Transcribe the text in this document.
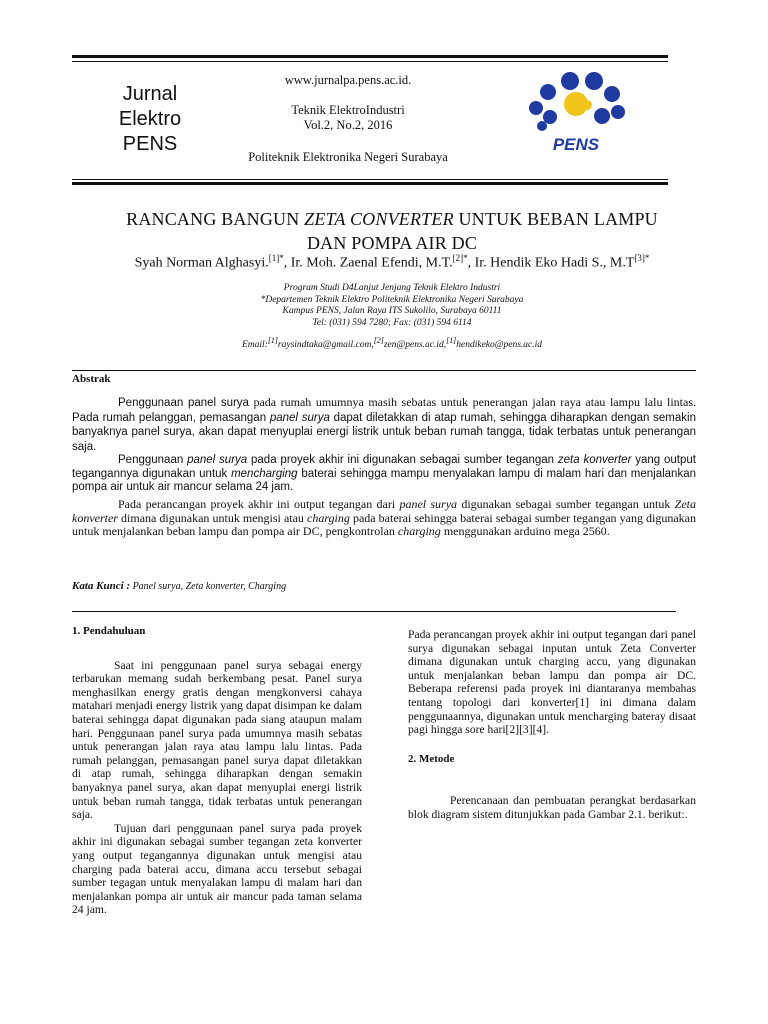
Jurnal
Elektro
PENS
www.jurnalpa.pens.ac.id.
Teknik ElektroIndustri
Vol.2, No.2, 2016
Politeknik Elektronika Negeri Surabaya
PENS
RANCANG BANGUN ZETA CONVERTER UNTUK BEBAN LAMPU
DAN POMPA AIR DC
Syah Norman Alghasyi.$^{[1]*}$, Ir. Moh. Zaenal Efendi, M.T.$^{[2]*}$, Ir. Hendik Eko Hadi S., $M.T^{[3]*}$
Program Studi D4Lanjut Jenjang Teknik Elektro Industri
*Departemen Teknik Elektro Politeknik Elektronika Negeri Surabaya
Kampus PENS, Jalan Raya ITS Sukolilo, Surabaya 60111
Tel: (031) 594 7280; Fax: (031) 594 6114
Email:[1]raysindtaka@gmail.com,[2]zen@pens.ac.id,[1]hendikeko@pens.ac.id
Abstrak
Penggunaan panel surya pada rumah umumnya masih sebatas untuk penerangan jalan raya atau lampu lalu lintas. Pada rumah pelanggan, pemasangan panel surya dapat diletakkan di atap rumah, sehingga diharapkan dengan semakin banyaknya panel surya, akan dapat menyuplai energi listrik untuk beban rumah tangga, tidak terbatas untuk penerangan saja.
Penggunaan panel surya pada proyek akhir ini digunakan sebagai sumber tegangan zeta konverter yang output tegangannya digunakan untuk mencharging baterai sehingga mampu menyalakan lampu di malam hari dan menjalankan pompa air untuk air mancur selama 24 jam.
Pada perancangan proyek akhir ini output tegangan dari panel surya digunakan sebagai sumber tegangan untuk Zeta konverter dimana digunakan untuk mengisi atau charging pada baterai sehingga baterai sebagai sumber tegangan yang digunakan untuk menjalankan beban lampu dan pompa air DC, pengkontrolan charging menggunakan arduino mega 2560.
Kata Kunci : Panel surya, Zeta konverter, Charging

1. Pendahuluan

Saat ini penggunaan panel surya sebagai energy terbarukan memang sudah berkembang pesat. Panel surya menghasilkan energy gratis dengan mengkonversi cahaya matahari menjadi energy listrik yang dapat disimpan ke dalam baterai sehingga dapat digunakan pada siang ataupun malam hari. Penggunaan panel surya pada umumnya masih sebatas untuk penerangan jalan raya atau lampu lalu lintas. Pada rumah pelanggan, pemasangan panel surya dapat diletakkan di atap rumah, sehingga diharapkan dengan semakin banyaknya panel surya, akan dapat menyuplai energi listrik untuk beban rumah tangga, tidak terbatas untuk penerangan saja.

Tujuan dari penggunaan panel surya pada proyek akhir ini digunakan sebagai sumber tegangan zeta konverter yang output tegangannya digunakan untuk mengisi atau charging pada baterai accu, dimana accu tersebut sebagai sumber tegagan untuk menyalakan lampu di malam hari dan menjalankan pompa air untuk air mancur pada taman selama 24 jam.

Pada perancangan proyek akhir ini output tegangan dari panel surya digunakan sebagai inputan untuk Zeta Converter dimana digunakan untuk charging accu, yang digunakan untuk menjalankan beban lampu dan pompa air DC. Beberapa referensi pada proyek ini diantaranya membahas tentang topologi dari konverter[1] ini dimana dalam penggunaannya, digunakan untuk mencharging bateray disaat pagi hingga sore hari[2][3][4].

2. Metode

Perencanaan dan pembuatan perangkat berdasarkan blok diagram sistem ditunjukkan pada Gambar 2.1. berikut:.
